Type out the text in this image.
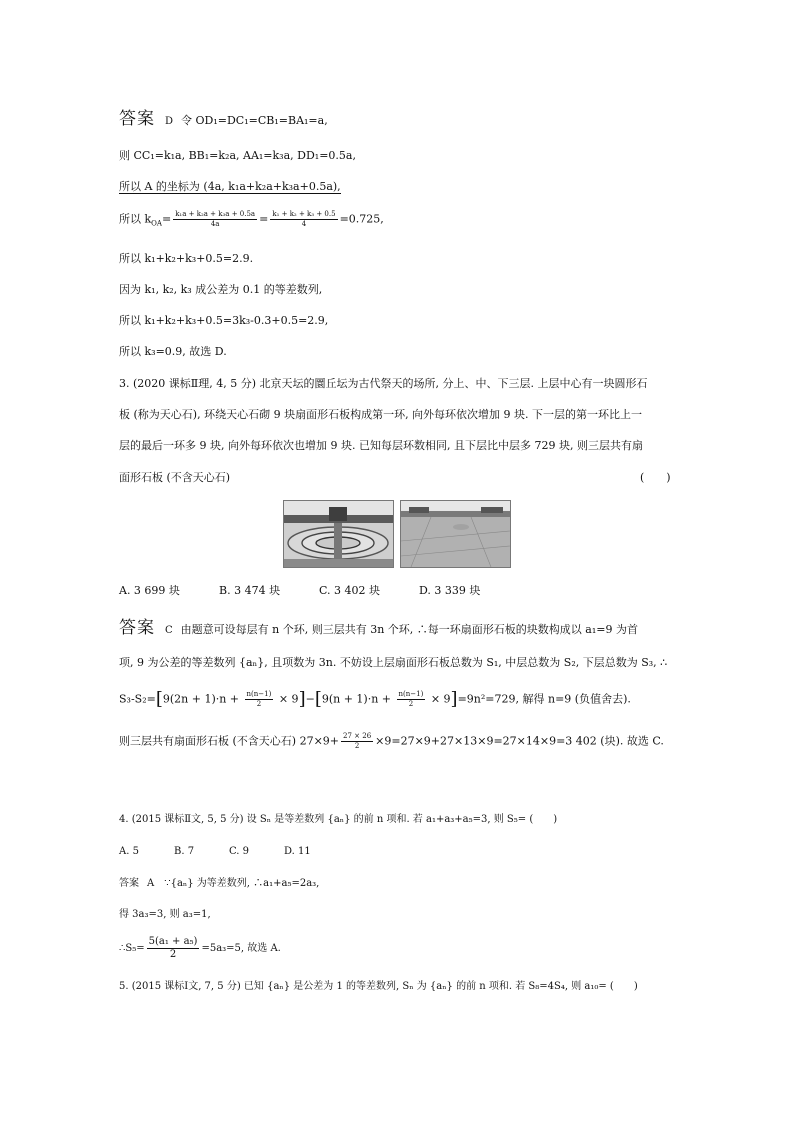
答案 D 令 OD₁=DC₁=CB₁=BA₁=a,
则 CC₁=k₁a, BB₁=k₂a, AA₁=k₃a, DD₁=0.5a,
所以 A 的坐标为 (4a, k₁a+k₂a+k₃a+0.5a),
所以 $k_{OA}= \frac{\text{k₁a + k₂a + k₃a + 0.5a}}{4a} = \frac{\text{k₁ + k₂ + k₃ + 0.5}}{4} =0.725$,
所以 k₁+k₂+k₃+0.5=2.9.
因为 k₁, k₂, k₃ 成公差为 0.1 的等差数列,
所以 k₁+k₂+k₃+0.5=3k₃-0.3+0.5=2.9,
所以 k₃=0.9, 故选 D.
3. (2020 课标Ⅱ理, 4, 5 分) 北京天坛的圜丘坛为古代祭天的场所, 分上、中、下三层. 上层中心有一块圆形石
板 (称为天心石), 环绕天心石砌 9 块扇面形石板构成第一环, 向外每环依次增加 9 块. 下一层的第一环比上一
层的最后一环多 9 块, 向外每环依次也增加 9 块. 已知每层环数相同, 且下层比中层多 729 块, 则三层共有扇
面形石板 (不含天心石)	(　　)
A. 3 699 块	B. 3 474 块	C. 3 402 块	D. 3 339 块
答案 C 由题意可设每层有 n 个环, 则三层共有 3n 个环, ∴每一环扇面形石板的块数构成以 a₁=9 为首
项, 9 为公差的等差数列 {aₙ}, 且项数为 3n. 不妨设上层扇面形石板总数为 S₁, 中层总数为 S₂, 下层总数为 S₃, ∴
$S_3-S_2=[9(2n + 1)\cdot n + \frac{n(n-1)}{2} \times 9]-[9(n + 1)\cdot n + \frac{n(n-1)}{2} \times 9]=9n^2=729$, 解得 n=9 (负值舍去).
则三层共有扇面形石板 (不含天心石) $27\times 9+ \frac{27 \times 26}{2} \times 9=27\times 9+27\times 13\times 9=27\times 14\times 9=3$ 402 (块). 故选 C.
4. (2015 课标Ⅱ文, 5, 5 分) 设 Sₙ 是等差数列 {aₙ} 的前 n 项和. 若 a₁+a₃+a₅=3, 则 S₅= (　　)
A. 5	B. 7	C. 9	D. 11
答案 A ∵{aₙ} 为等差数列, ∴a₁+a₅=2a₃,
得 3a₃=3, 则 a₃=1,
∴S₅= $\frac{\text{5(a₁ + a₅)}}{2} =5a_3=5$, 故选 A.
5. (2015 课标Ⅰ文, 7, 5 分) 已知 {aₙ} 是公差为 1 的等差数列, Sₙ 为 {aₙ} 的前 n 项和. 若 S₈=4S₄, 则 a₁₀= (　　)
